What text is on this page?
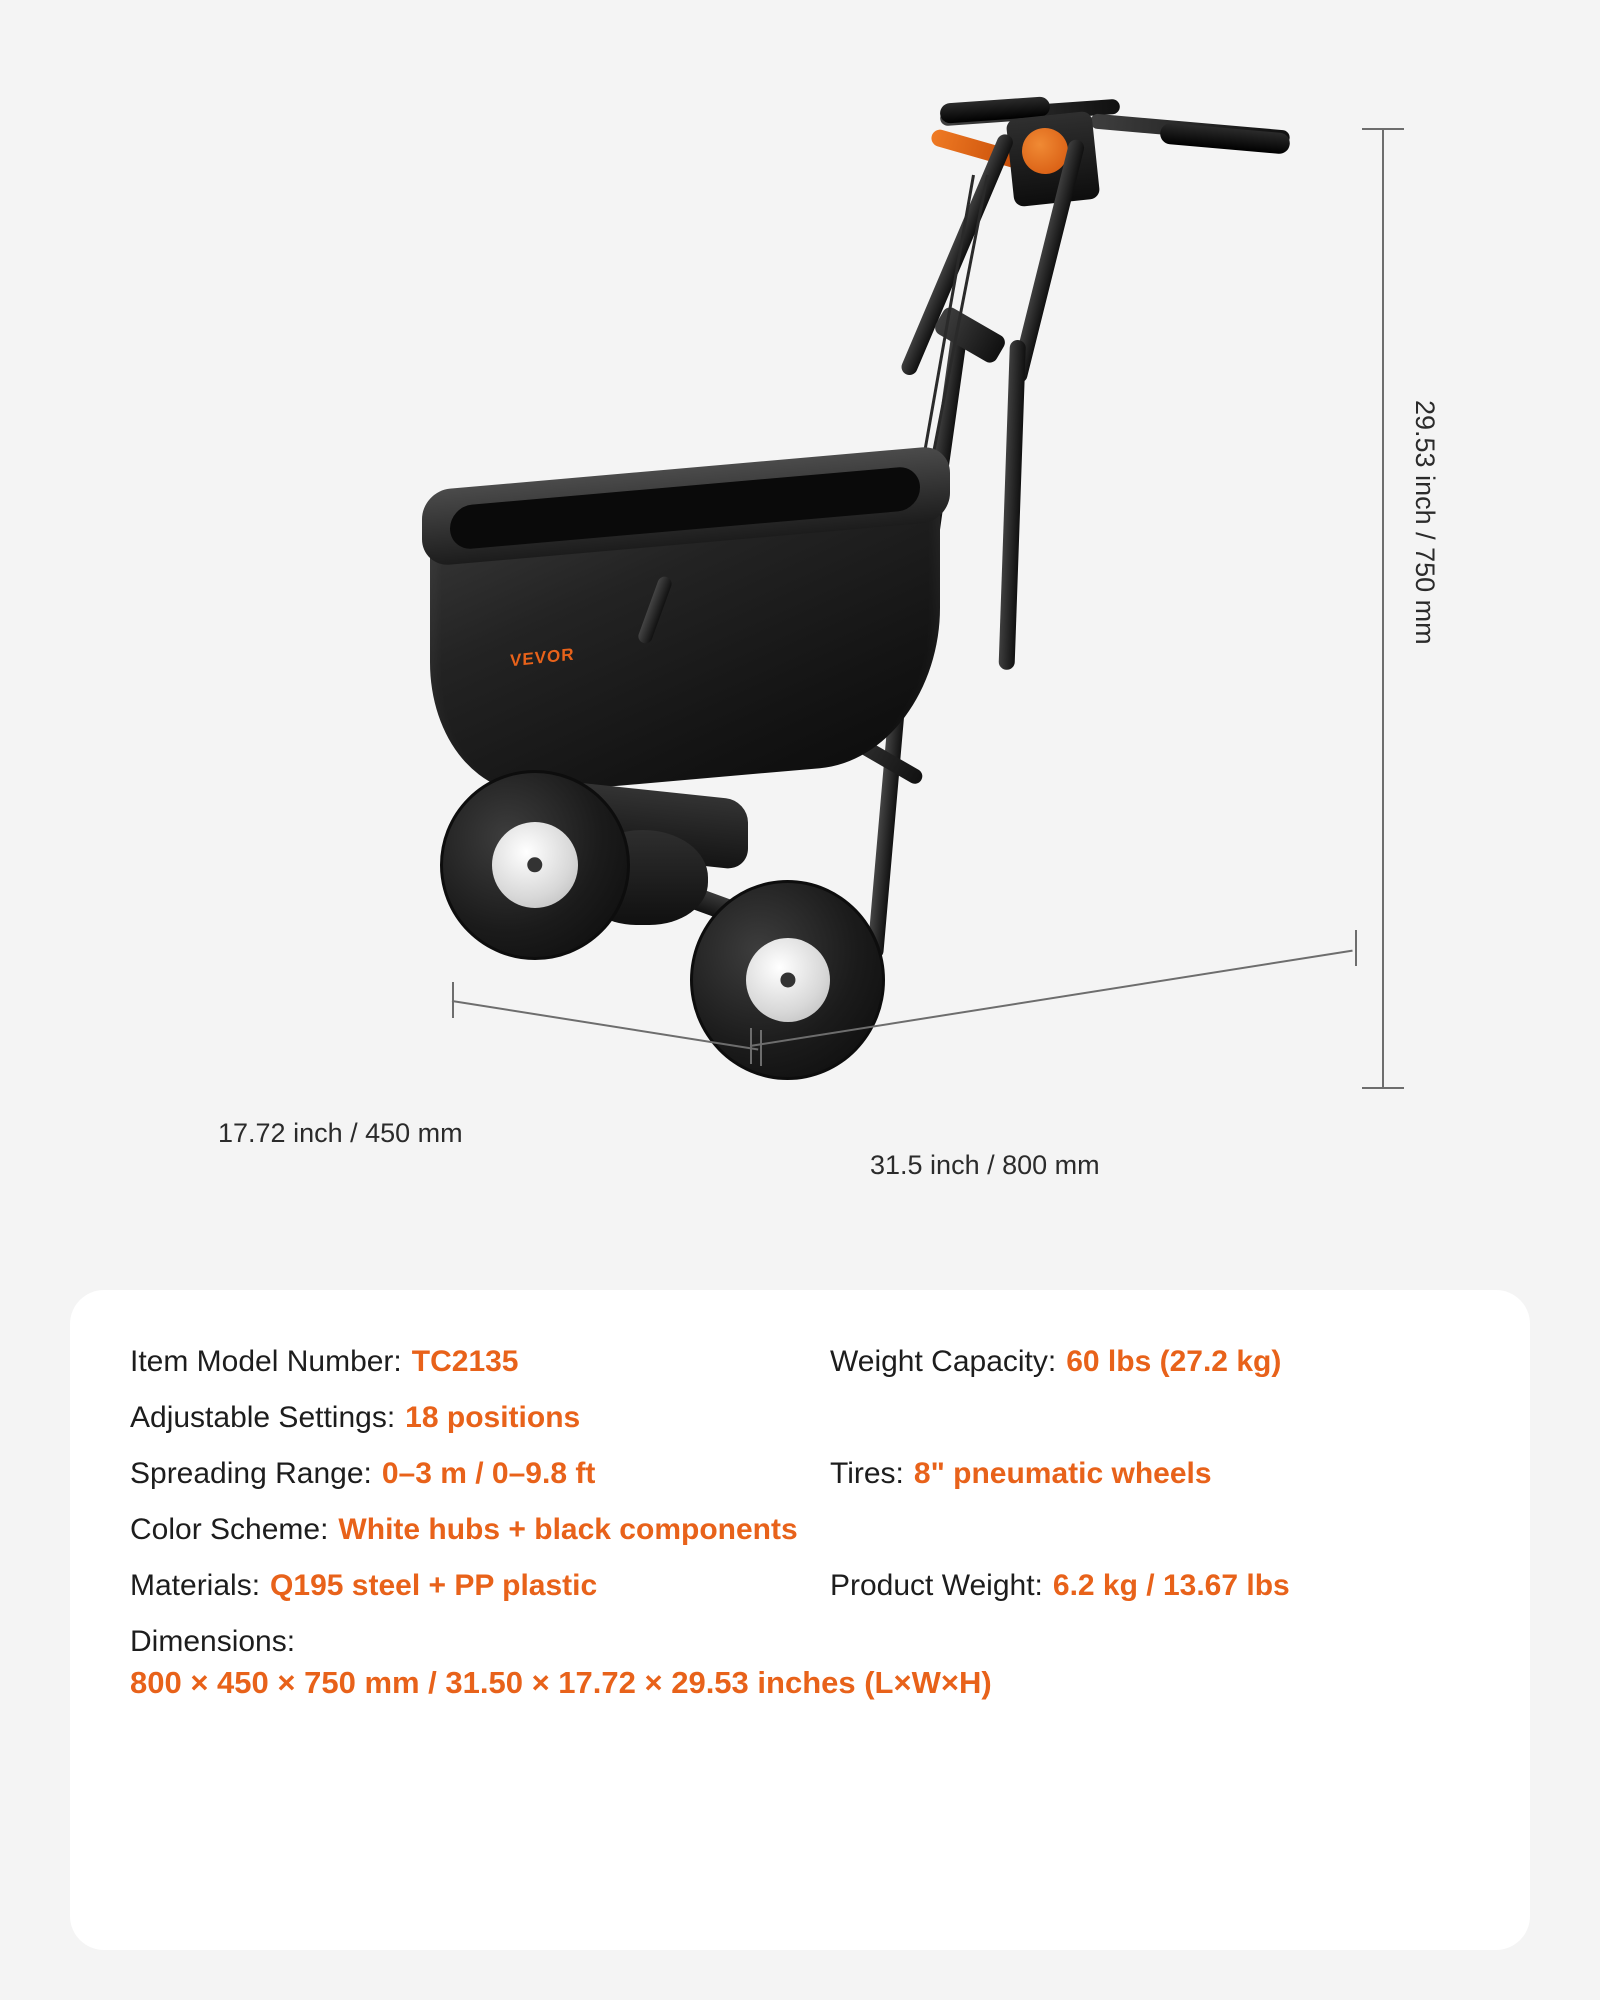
VEVOR
29.53 inch / 750 mm
31.5 inch / 800 mm
17.72 inch / 450 mm
Item Model Number: TC2135	Weight Capacity: 60 lbs (27.2 kg)
Adjustable Settings: 18 positions
Spreading Range: 0–3 m / 0–9.8 ft	Tires: 8" pneumatic wheels
Color Scheme: White hubs + black components
Materials: Q195 steel + PP plastic	Product Weight: 6.2 kg / 13.67 lbs
Dimensions:
800 × 450 × 750 mm / 31.50 × 17.72 × 29.53 inches (L×W×H)
